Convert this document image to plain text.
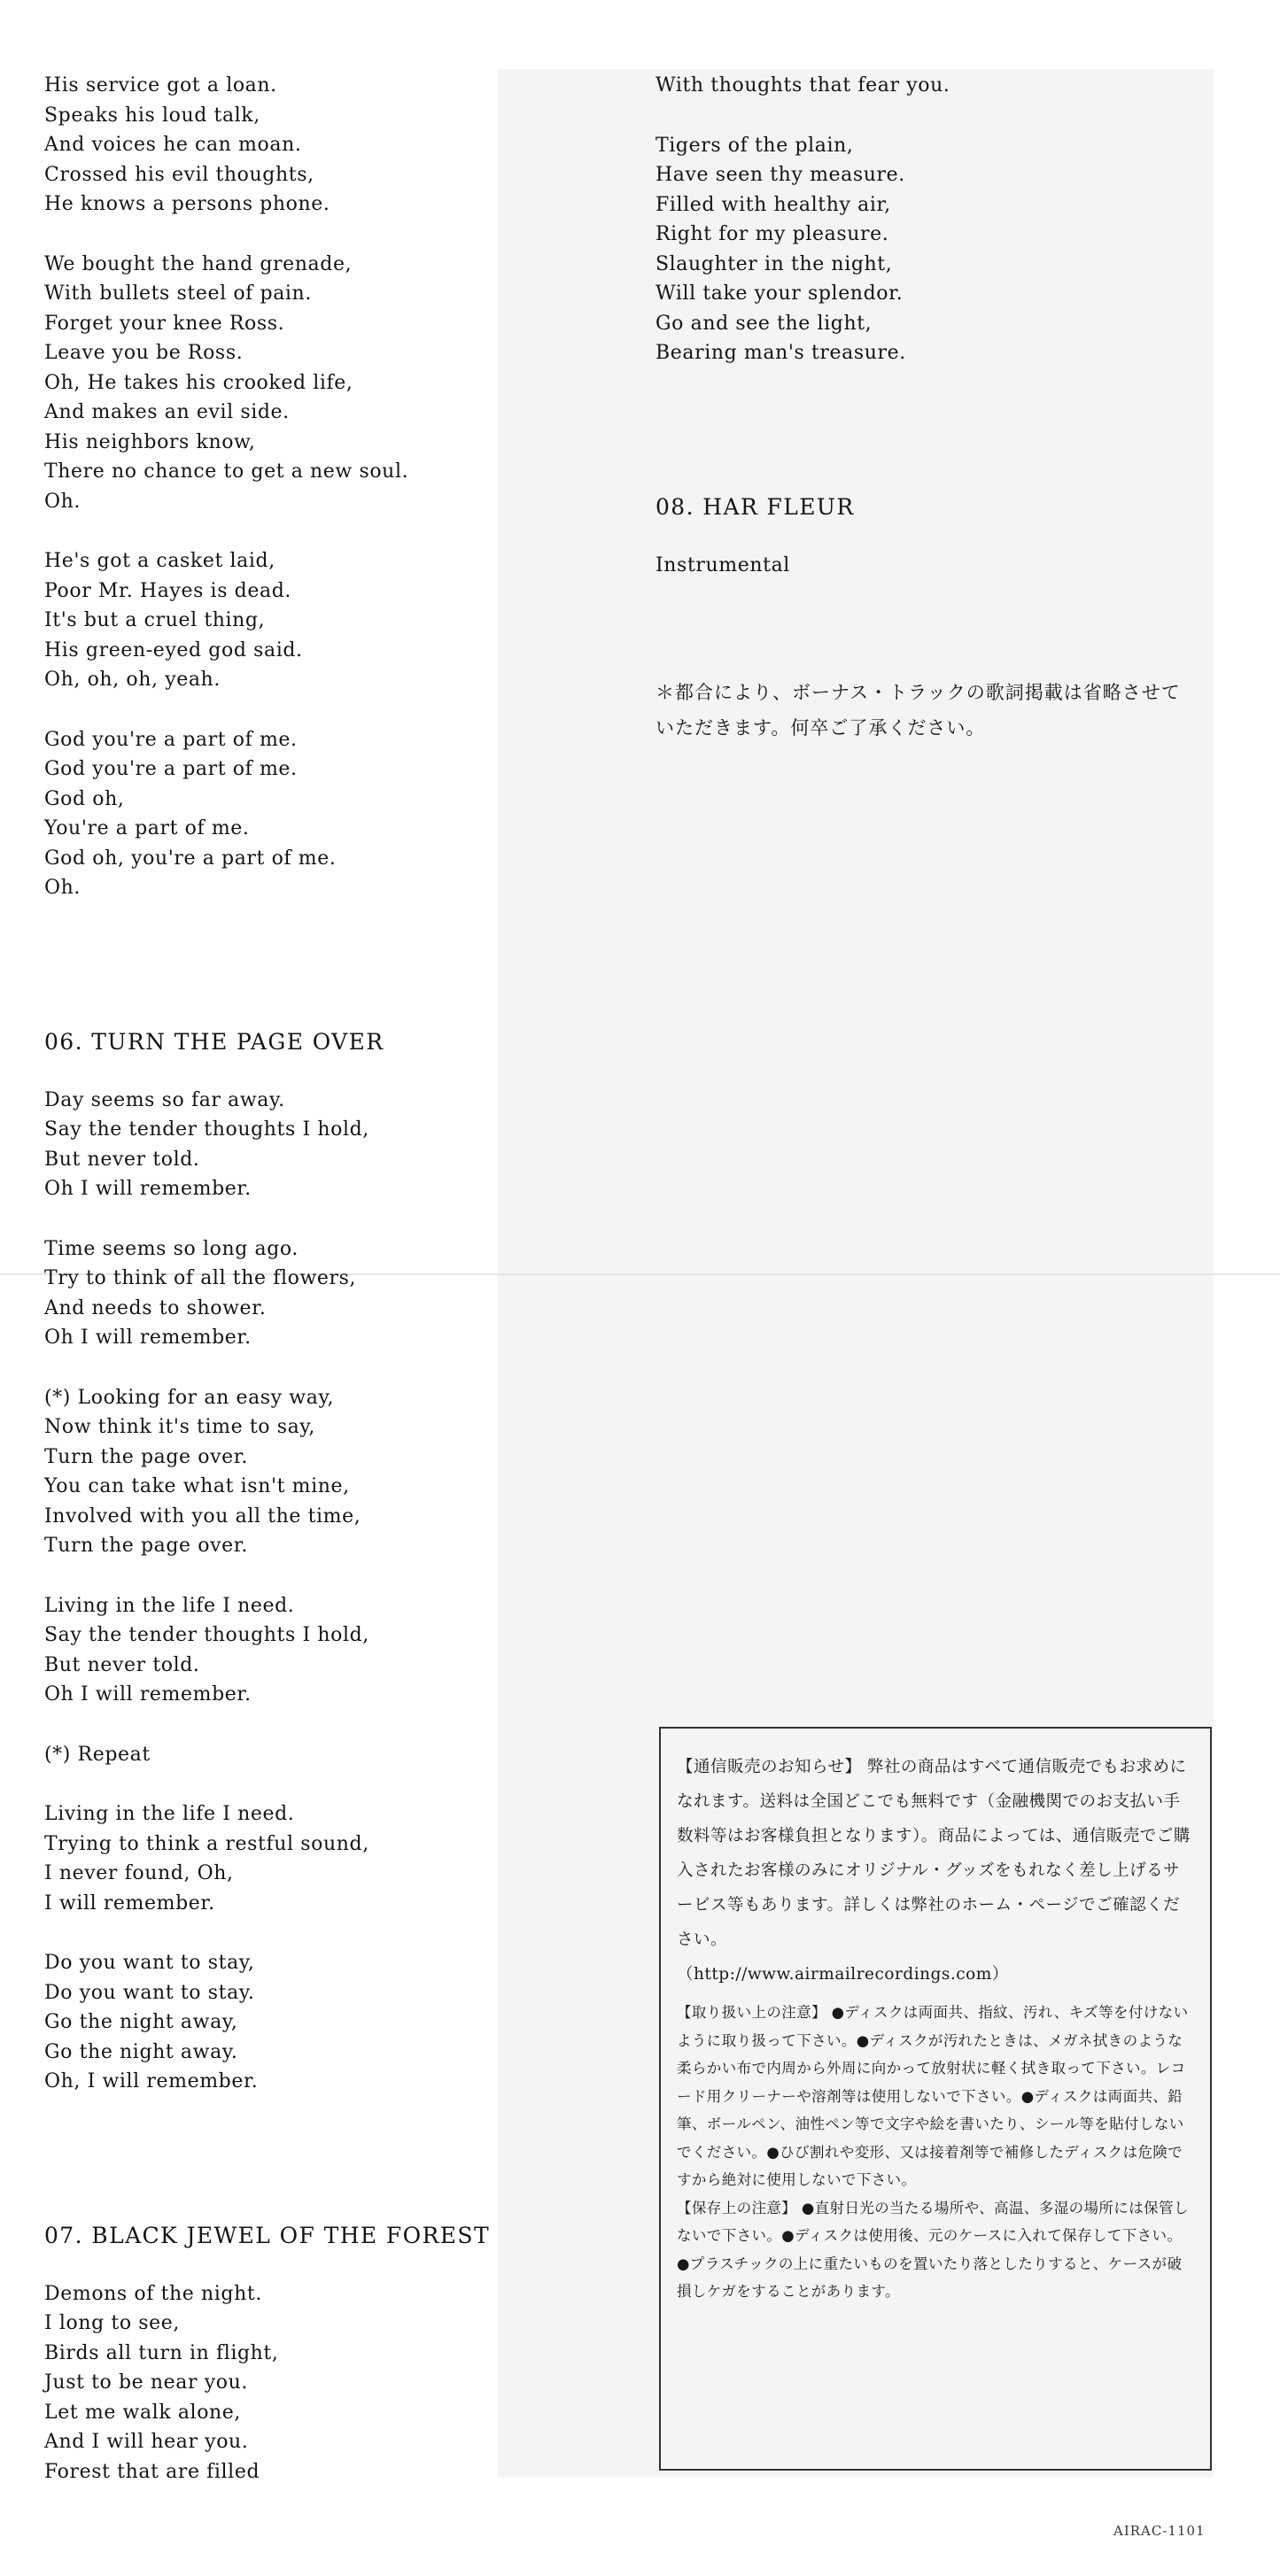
His service got a loan.
Speaks his loud talk,
And voices he can moan.
Crossed his evil thoughts,
He knows a persons phone.
We bought the hand grenade,
With bullets steel of pain.
Forget your knee Ross.
Leave you be Ross.
Oh, He takes his crooked life,
And makes an evil side.
His neighbors know,
There no chance to get a new soul.
Oh.
He's got a casket laid,
Poor Mr. Hayes is dead.
It's but a cruel thing,
His green-eyed god said.
Oh, oh, oh, yeah.
God you're a part of me.
God you're a part of me.
God oh,
You're a part of me.
God oh, you're a part of me.
Oh.
06. TURN THE PAGE OVER
Day seems so far away.
Say the tender thoughts I hold,
But never told.
Oh I will remember.
Time seems so long ago.
Try to think of all the flowers,
And needs to shower.
Oh I will remember.
(*) Looking for an easy way,
Now think it's time to say,
Turn the page over.
You can take what isn't mine,
Involved with you all the time,
Turn the page over.
Living in the life I need.
Say the tender thoughts I hold,
But never told.
Oh I will remember.
(*) Repeat
Living in the life I need.
Trying to think a restful sound,
I never found, Oh,
I will remember.
Do you want to stay,
Do you want to stay.
Go the night away,
Go the night away.
Oh, I will remember.
07. BLACK JEWEL OF THE FOREST
Demons of the night.
I long to see,
Birds all turn in flight,
Just to be near you.
Let me walk alone,
And I will hear you.
Forest that are filled
With thoughts that fear you.
Tigers of the plain,
Have seen thy measure.
Filled with healthy air,
Right for my pleasure.
Slaughter in the night,
Will take your splendor.
Go and see the light,
Bearing man's treasure.
08. HAR FLEUR
Instrumental
＊都合により、ボーナス・トラックの歌詞掲載は省略させていただきます。何卒ご了承ください。

【通信販売のお知らせ】 弊社の商品はすべて通信販売でもお求めになれます。送料は全国どこでも無料です（金融機関でのお支払い手数料等はお客様負担となります）。商品によっては、通信販売でご購入されたお客様のみにオリジナル・グッズをもれなく差し上げるサービス等もあります。詳しくは弊社のホーム・ページでご確認ください。
（http://www.airmailrecordings.com）

【取り扱い上の注意】 ●ディスクは両面共、指紋、汚れ、キズ等を付けないように取り扱って下さい。●ディスクが汚れたときは、メガネ拭きのような柔らかい布で内周から外周に向かって放射状に軽く拭き取って下さい。レコード用クリーナーや溶剤等は使用しないで下さい。●ディスクは両面共、鉛筆、ボールペン、油性ペン等で文字や絵を書いたり、シール等を貼付しないでください。●ひび割れや変形、又は接着剤等で補修したディスクは危険ですから絶対に使用しないで下さい。

【保存上の注意】 ●直射日光の当たる場所や、高温、多湿の場所には保管しないで下さい。●ディスクは使用後、元のケースに入れて保存して下さい。●プラスチックの上に重たいものを置いたり落としたりすると、ケースが破損しケガをすることがあります。

AIRAC-1101
